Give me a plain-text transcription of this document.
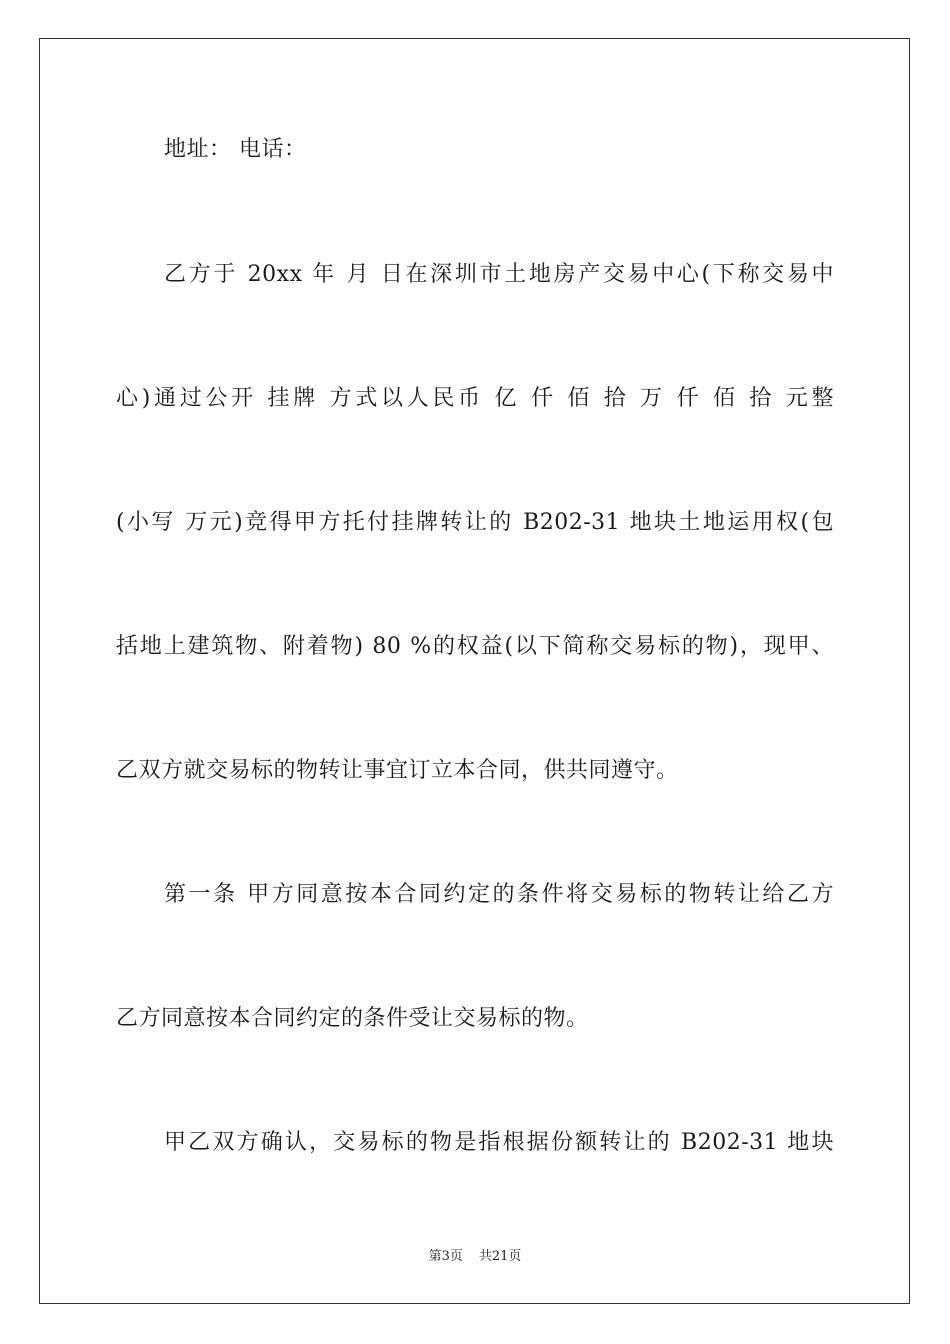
地址： 电话：
乙方于 20xx 年 月 日在深圳市土地房产交易中心(下称交易中
心)通过公开 挂牌 方式以人民币 亿 仟 佰 拾 万 仟 佰 拾 元整
(小写 万元)竞得甲方托付挂牌转让的 B202-31 地块土地运用权(包
括地上建筑物、附着物) 80 %的权益(以下简称交易标的物)，现甲、
乙双方就交易标的物转让事宜订立本合同，供共同遵守。
第一条 甲方同意按本合同约定的条件将交易标的物转让给乙方
乙方同意按本合同约定的条件受让交易标的物。
甲乙双方确认，交易标的物是指根据份额转让的 B202-31 地块
第3页 共21页
